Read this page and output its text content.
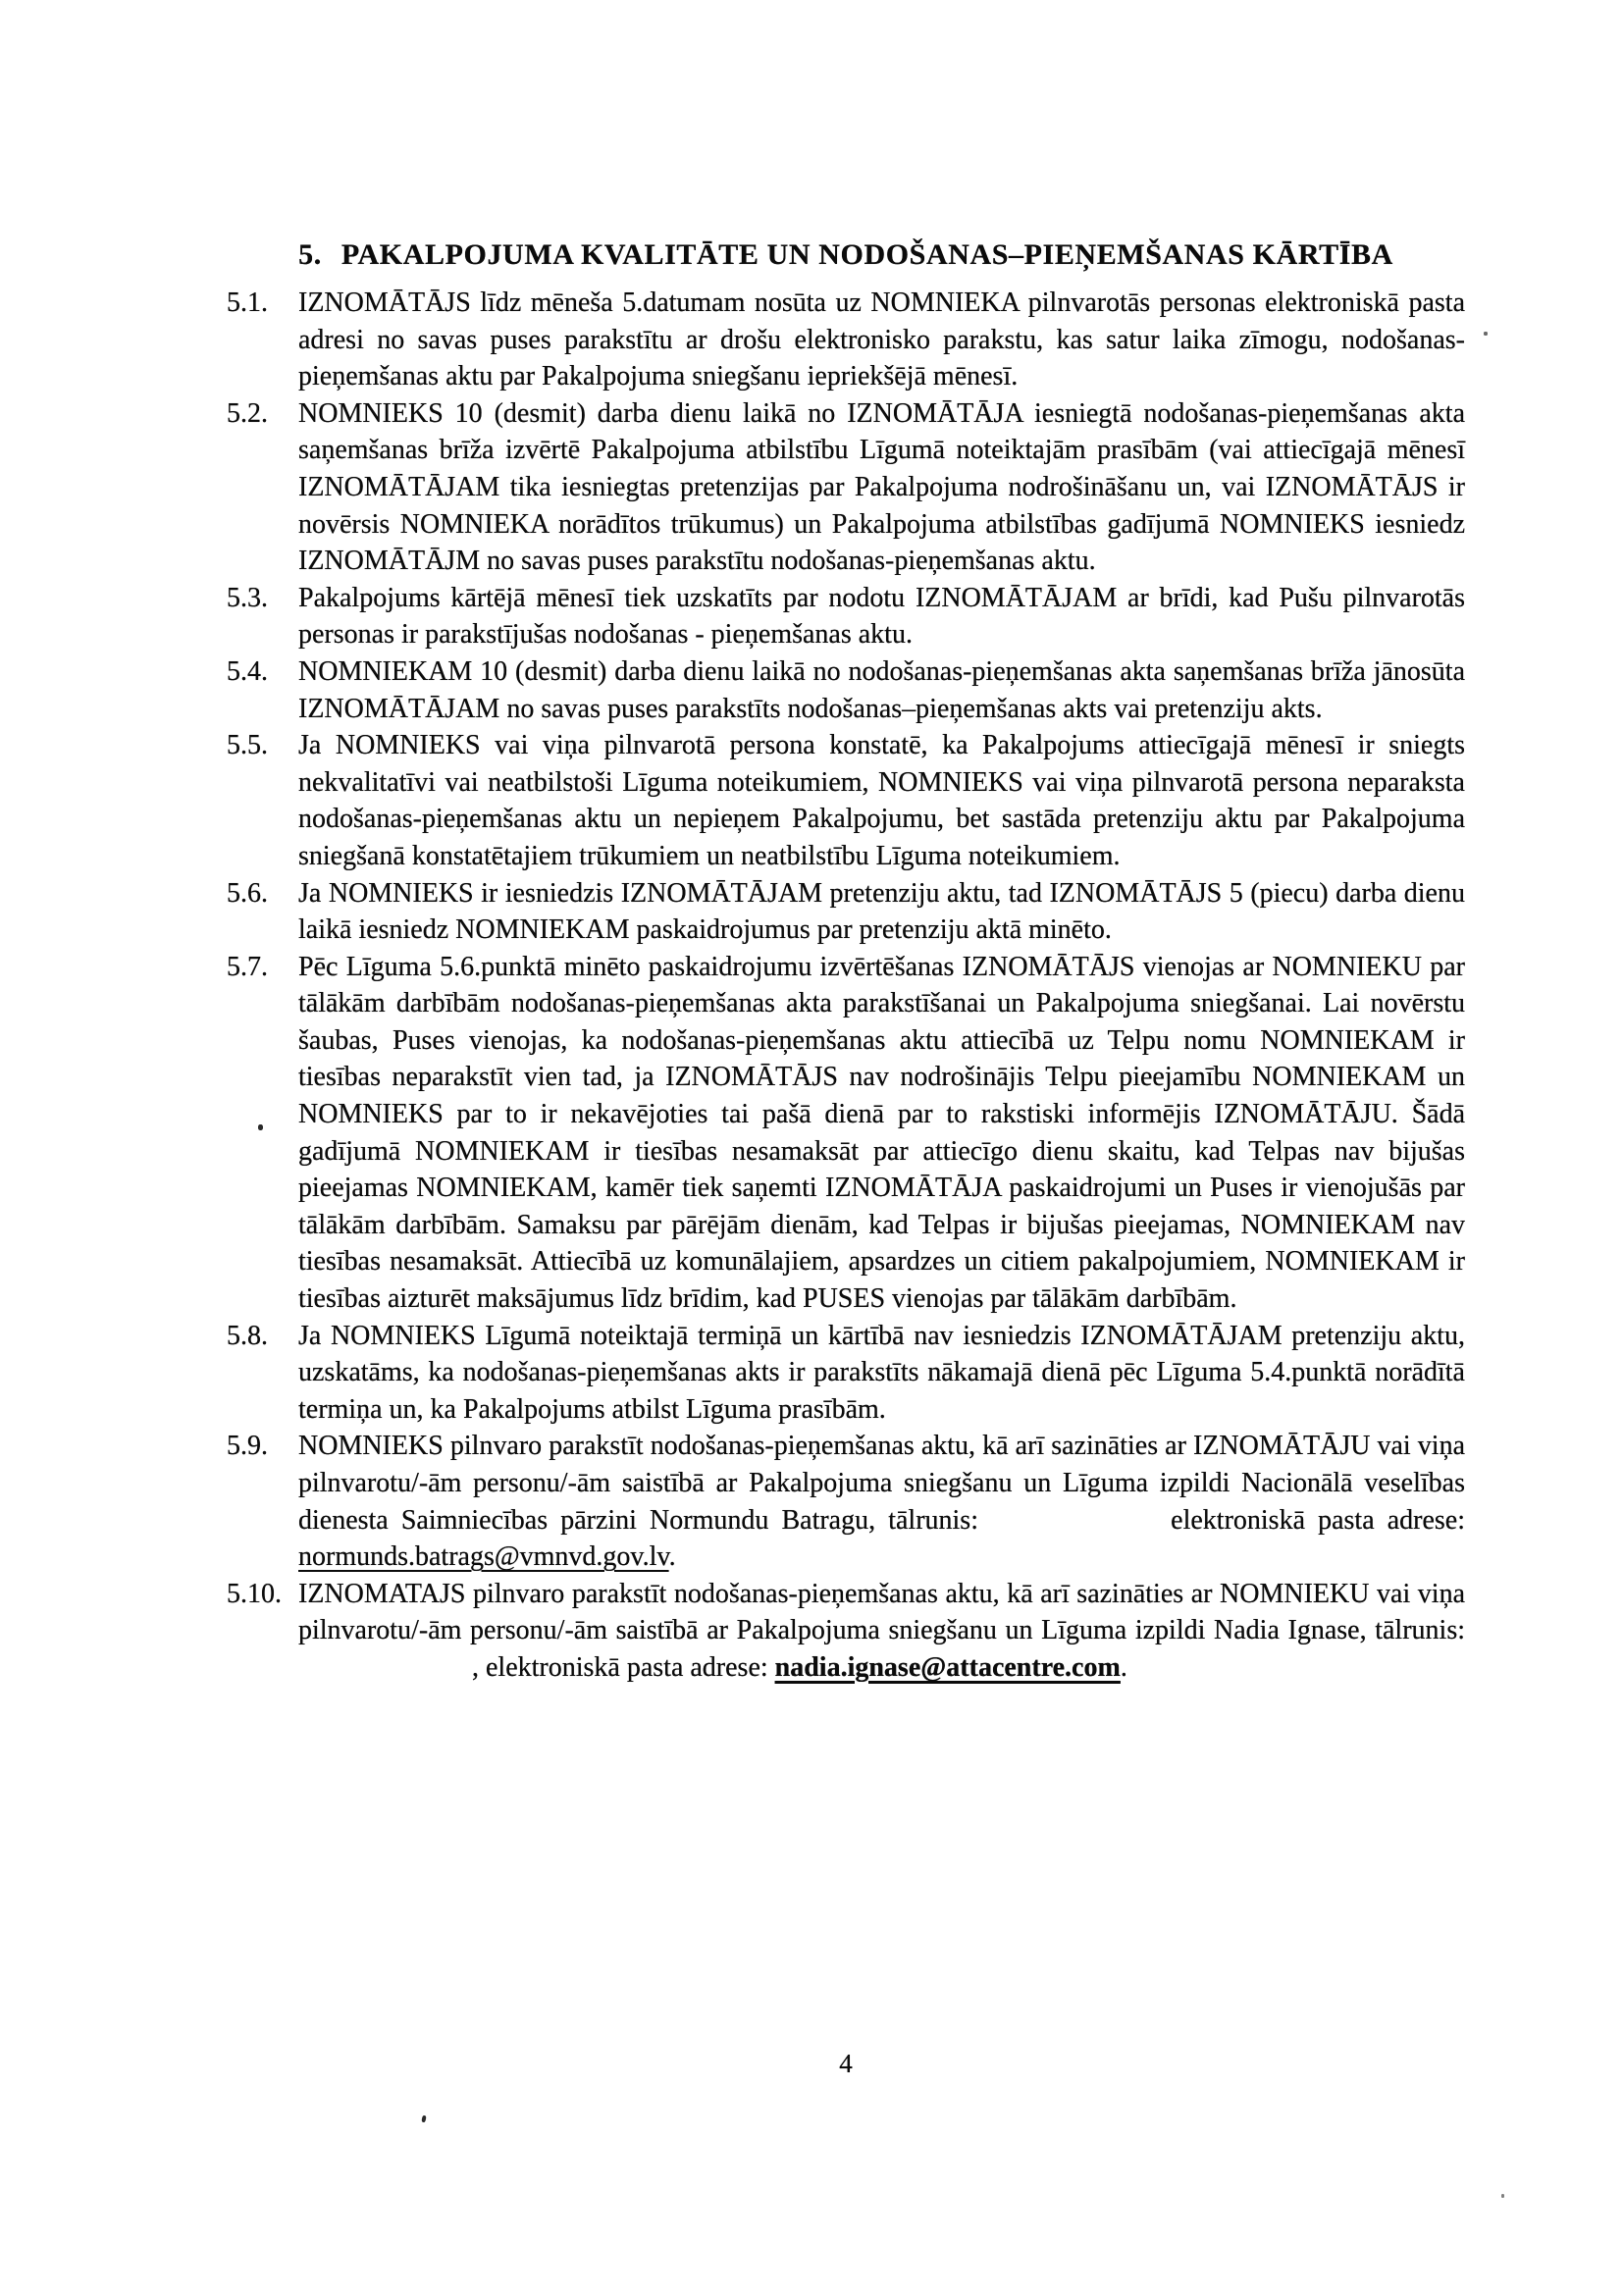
5. PAKALPOJUMA KVALITĀTE UN NODOŠANAS–PIEŅEMŠANAS KĀRTĪBA
5.1.	IZNOMĀTĀJS līdz mēneša 5.datumam nosūta uz NOMNIEKA pilnvarotās personas elektroniskā pasta adresi no savas puses parakstītu ar drošu elektronisko parakstu, kas satur laika zīmogu, nodošanas-pieņemšanas aktu par Pakalpojuma sniegšanu iepriekšējā mēnesī.
5.2.	NOMNIEKS 10 (desmit) darba dienu laikā no IZNOMĀTĀJA iesniegtā nodošanas-pieņemšanas akta saņemšanas brīža izvērtē Pakalpojuma atbilstību Līgumā noteiktajām prasībām (vai attiecīgajā mēnesī IZNOMĀTĀJAM tika iesniegtas pretenzijas par Pakalpojuma nodrošināšanu un, vai IZNOMĀTĀJS ir novērsis NOMNIEKA norādītos trūkumus) un Pakalpojuma atbilstības gadījumā NOMNIEKS iesniedz IZNOMĀTĀJM no savas puses parakstītu nodošanas-pieņemšanas aktu.
5.3.	Pakalpojums kārtējā mēnesī tiek uzskatīts par nodotu IZNOMĀTĀJAM ar brīdi, kad Pušu pilnvarotās personas ir parakstījušas nodošanas - pieņemšanas aktu.
5.4.	NOMNIEKAM 10 (desmit) darba dienu laikā no nodošanas-pieņemšanas akta saņemšanas brīža jānosūta IZNOMĀTĀJAM no savas puses parakstīts nodošanas–pieņemšanas akts vai pretenziju akts.
5.5.	Ja NOMNIEKS vai viņa pilnvarotā persona konstatē, ka Pakalpojums attiecīgajā mēnesī ir sniegts nekvalitatīvi vai neatbilstoši Līguma noteikumiem, NOMNIEKS vai viņa pilnvarotā persona neparaksta nodošanas-pieņemšanas aktu un nepieņem Pakalpojumu, bet sastāda pretenziju aktu par Pakalpojuma sniegšanā konstatētajiem trūkumiem un neatbilstību Līguma noteikumiem.
5.6.	Ja NOMNIEKS ir iesniedzis IZNOMĀTĀJAM pretenziju aktu, tad IZNOMĀTĀJS 5 (piecu) darba dienu laikā iesniedz NOMNIEKAM paskaidrojumus par pretenziju aktā minēto.
5.7.	Pēc Līguma 5.6.punktā minēto paskaidrojumu izvērtēšanas IZNOMĀTĀJS vienojas ar NOMNIEKU par tālākām darbībām nodošanas-pieņemšanas akta parakstīšanai un Pakalpojuma sniegšanai. Lai novērstu šaubas, Puses vienojas, ka nodošanas-pieņemšanas aktu attiecībā uz Telpu nomu NOMNIEKAM ir tiesības neparakstīt vien tad, ja IZNOMĀTĀJS nav nodrošinājis Telpu pieejamību NOMNIEKAM un NOMNIEKS par to ir nekavējoties tai pašā dienā par to rakstiski informējis IZNOMĀTĀJU. Šādā gadījumā NOMNIEKAM ir tiesības nesamaksāt par attiecīgo dienu skaitu, kad Telpas nav bijušas pieejamas NOMNIEKAM, kamēr tiek saņemti IZNOMĀTĀJA paskaidrojumi un Puses ir vienojušās par tālākām darbībām. Samaksu par pārējām dienām, kad Telpas ir bijušas pieejamas, NOMNIEKAM nav tiesības nesamaksāt. Attiecībā uz komunālajiem, apsardzes un citiem pakalpojumiem, NOMNIEKAM ir tiesības aizturēt maksājumus līdz brīdim, kad PUSES vienojas par tālākām darbībām.
5.8.	Ja NOMNIEKS Līgumā noteiktajā termiņā un kārtībā nav iesniedzis IZNOMĀTĀJAM pretenziju aktu, uzskatāms, ka nodošanas-pieņemšanas akts ir parakstīts nākamajā dienā pēc Līguma 5.4.punktā norādītā termiņa un, ka Pakalpojums atbilst Līguma prasībām.
5.9.	NOMNIEKS pilnvaro parakstīt nodošanas-pieņemšanas aktu, kā arī sazināties ar IZNOMĀTĀJU vai viņa pilnvarotu/-ām personu/-ām saistībā ar Pakalpojuma sniegšanu un Līguma izpildi Nacionālā veselības dienesta Saimniecības pārzini Normundu Batragu, tālrunis:	elektroniskā pasta adrese: normunds.batrags@vmnvd.gov.lv.
5.10. IZNOMATAJS pilnvaro parakstīt nodošanas-pieņemšanas aktu, kā arī sazināties ar NOMNIEKU vai viņa pilnvarotu/-ām personu/-ām saistībā ar Pakalpojuma sniegšanu un Līguma izpildi Nadia Ignase, tālrunis:  , elektroniskā pasta adrese: nadia.ignase@attacentre.com.
4
